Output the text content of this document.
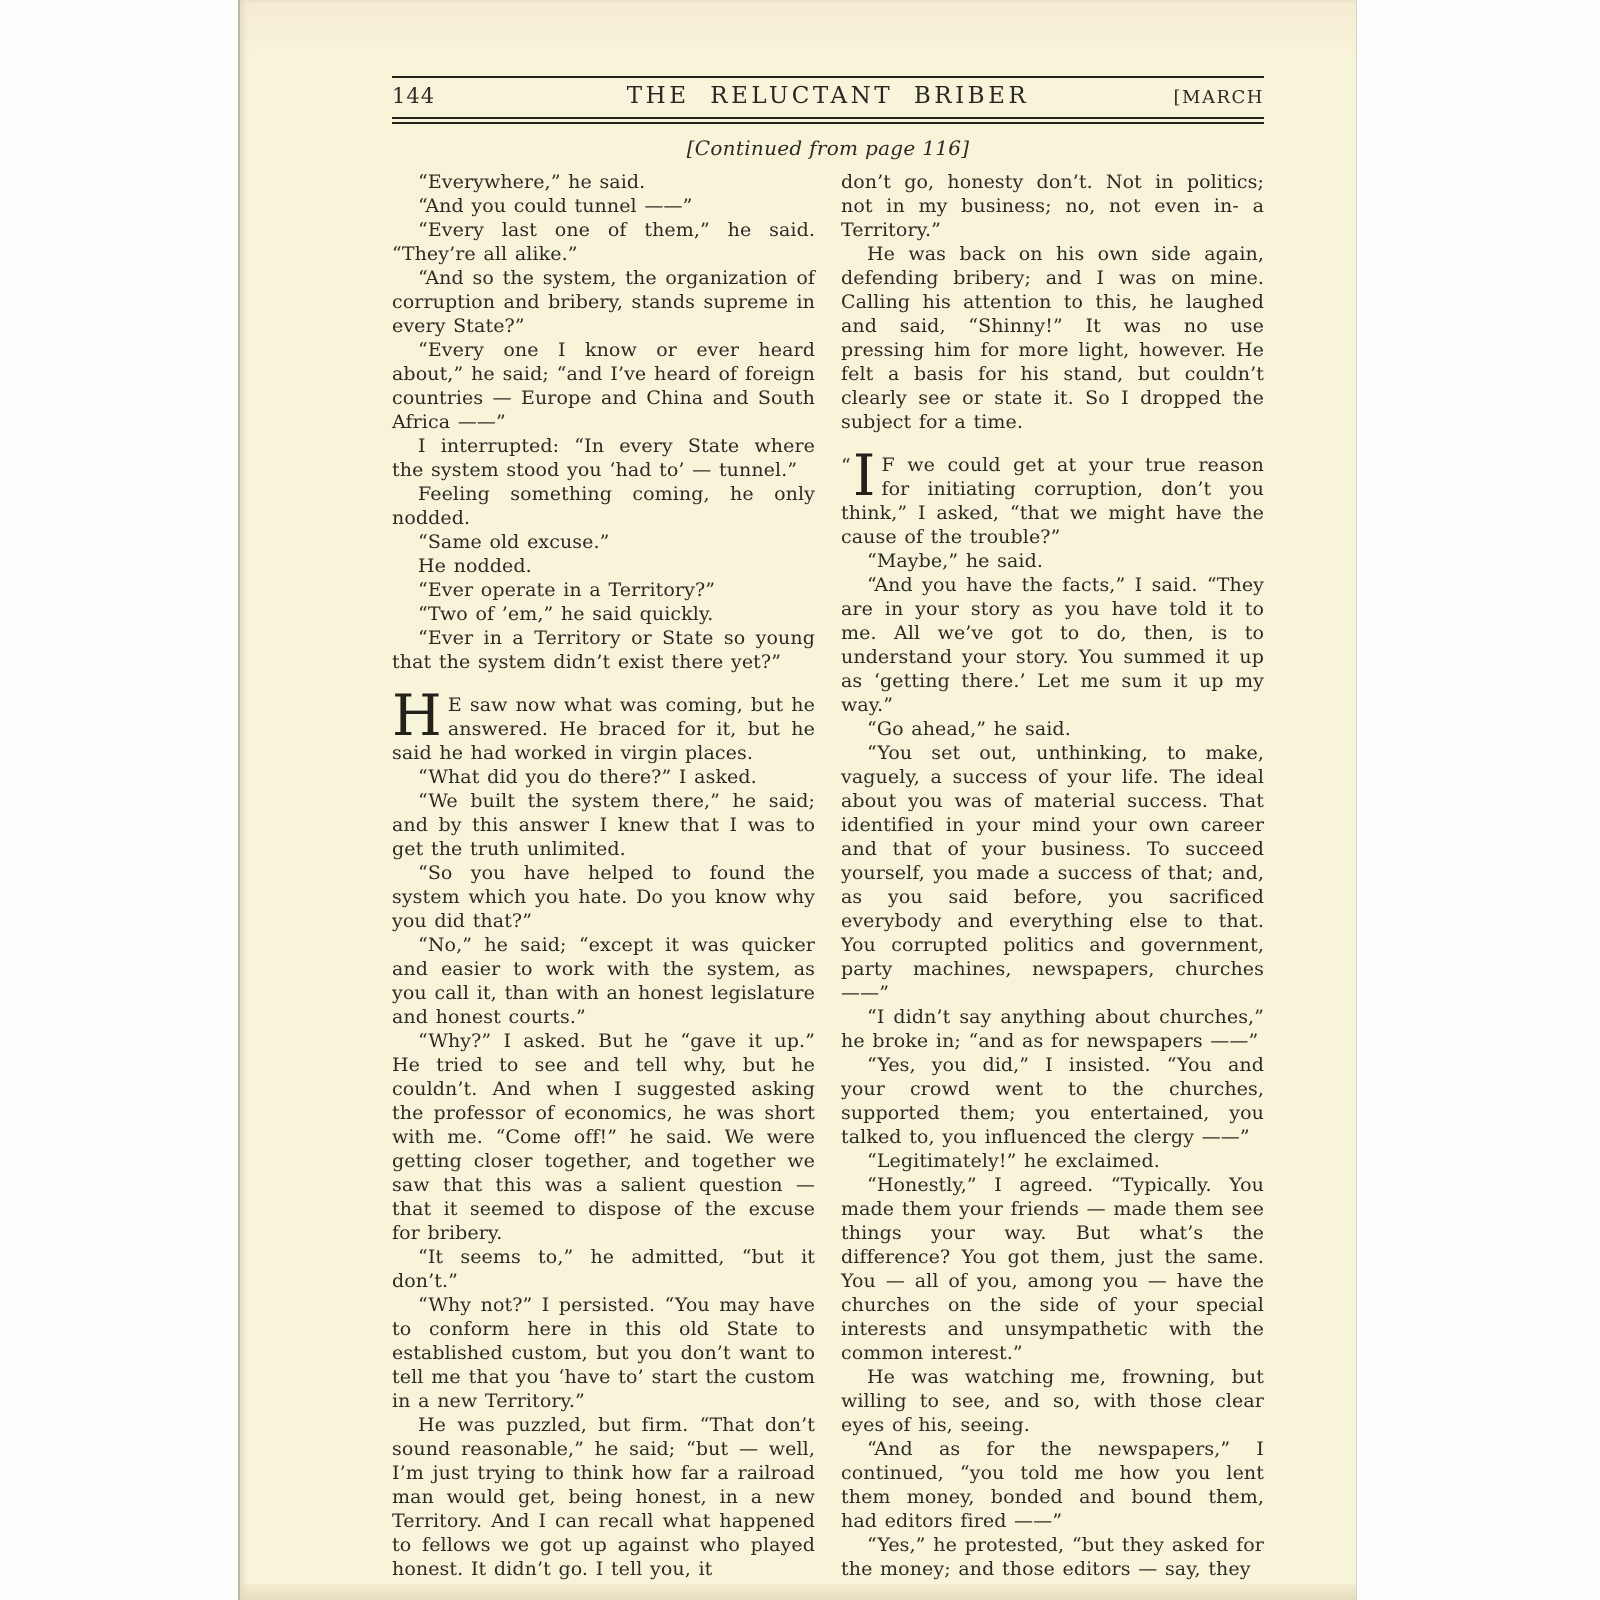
144	THE RELUCTANT BRIBER	[MARCH
[Continued from page 116]

“Everywhere,” he said.

“And you could tunnel ——”

“Every last one of them,” he said. “They’re all alike.”

“And so the system, the organization of corruption and bribery, stands supreme in every State?”

“Every one I know or ever heard about,” he said; “and I’ve heard of foreign countries — Europe and China and South Africa ——”

I interrupted: “In every State where the system stood you ‘had to’ — tunnel.”

Feeling something coming, he only nodded.

“Same old excuse.”

He nodded.

“Ever operate in a Territory?”

“Two of ’em,” he said quickly.

“Ever in a Territory or State so young that the system didn’t exist there yet?”

H E saw now what was coming, but he answered. He braced for it, but he said he had worked in virgin places.

“What did you do there?” I asked.

“We built the system there,” he said; and by this answer I knew that I was to get the truth unlimited.

“So you have helped to found the system which you hate. Do you know why you did that?”

“No,” he said; “except it was quicker and easier to work with the system, as you call it, than with an honest legislature and honest courts.”

“Why?” I asked. But he “gave it up.” He tried to see and tell why, but he couldn’t. And when I suggested asking the professor of economics, he was short with me. “Come off!” he said. We were getting closer together, and together we saw that this was a salient question — that it seemed to dispose of the excuse for bribery.

“It seems to,” he admitted, “but it don’t.”

“Why not?” I persisted. “You may have to conform here in this old State to established custom, but you don’t want to tell me that you ‘have to’ start the custom in a new Territory.”

He was puzzled, but firm. “That don’t sound reasonable,” he said; “but — well, I’m just trying to think how far a railroad man would get, being honest, in a new Territory. And I can recall what happened to fellows we got up against who played honest. It didn’t go. I tell you, it

don’t go, honesty don’t. Not in politics; not in my business; no, not even in- a Territory.”

He was back on his own side again, defending bribery; and I was on mine. Calling his attention to this, he laughed and said, “Shinny!” It was no use pressing him for more light, however. He felt a basis for his stand, but couldn’t clearly see or state it. So I dropped the subject for a time.

“ I F we could get at your true reason for initiating corruption, don’t you think,” I asked, “that we might have the cause of the trouble?”

“Maybe,” he said.

“And you have the facts,” I said. “They are in your story as you have told it to me. All we’ve got to do, then, is to understand your story. You summed it up as ‘getting there.’ Let me sum it up my way.”

“Go ahead,” he said.

“You set out, unthinking, to make, vaguely, a success of your life. The ideal about you was of material success. That identified in your mind your own career and that of your business. To succeed yourself, you made a success of that; and, as you said before, you sacrificed everybody and everything else to that. You corrupted politics and government, party machines, newspapers, churches ——”

“I didn’t say anything about churches,” he broke in; “and as for newspapers ——”

“Yes, you did,” I insisted. “You and your crowd went to the churches, supported them; you entertained, you talked to, you influenced the clergy ——”

“Legitimately!” he exclaimed.

“Honestly,” I agreed. “Typically. You made them your friends — made them see things your way. But what’s the difference? You got them, just the same. You — all of you, among you — have the churches on the side of your special interests and unsympathetic with the common interest.”

He was watching me, frowning, but willing to see, and so, with those clear eyes of his, seeing.

“And as for the newspapers,” I continued, “you told me how you lent them money, bonded and bound them, had editors fired ——”

“Yes,” he protested, “but they asked for the money; and those editors — say, they
